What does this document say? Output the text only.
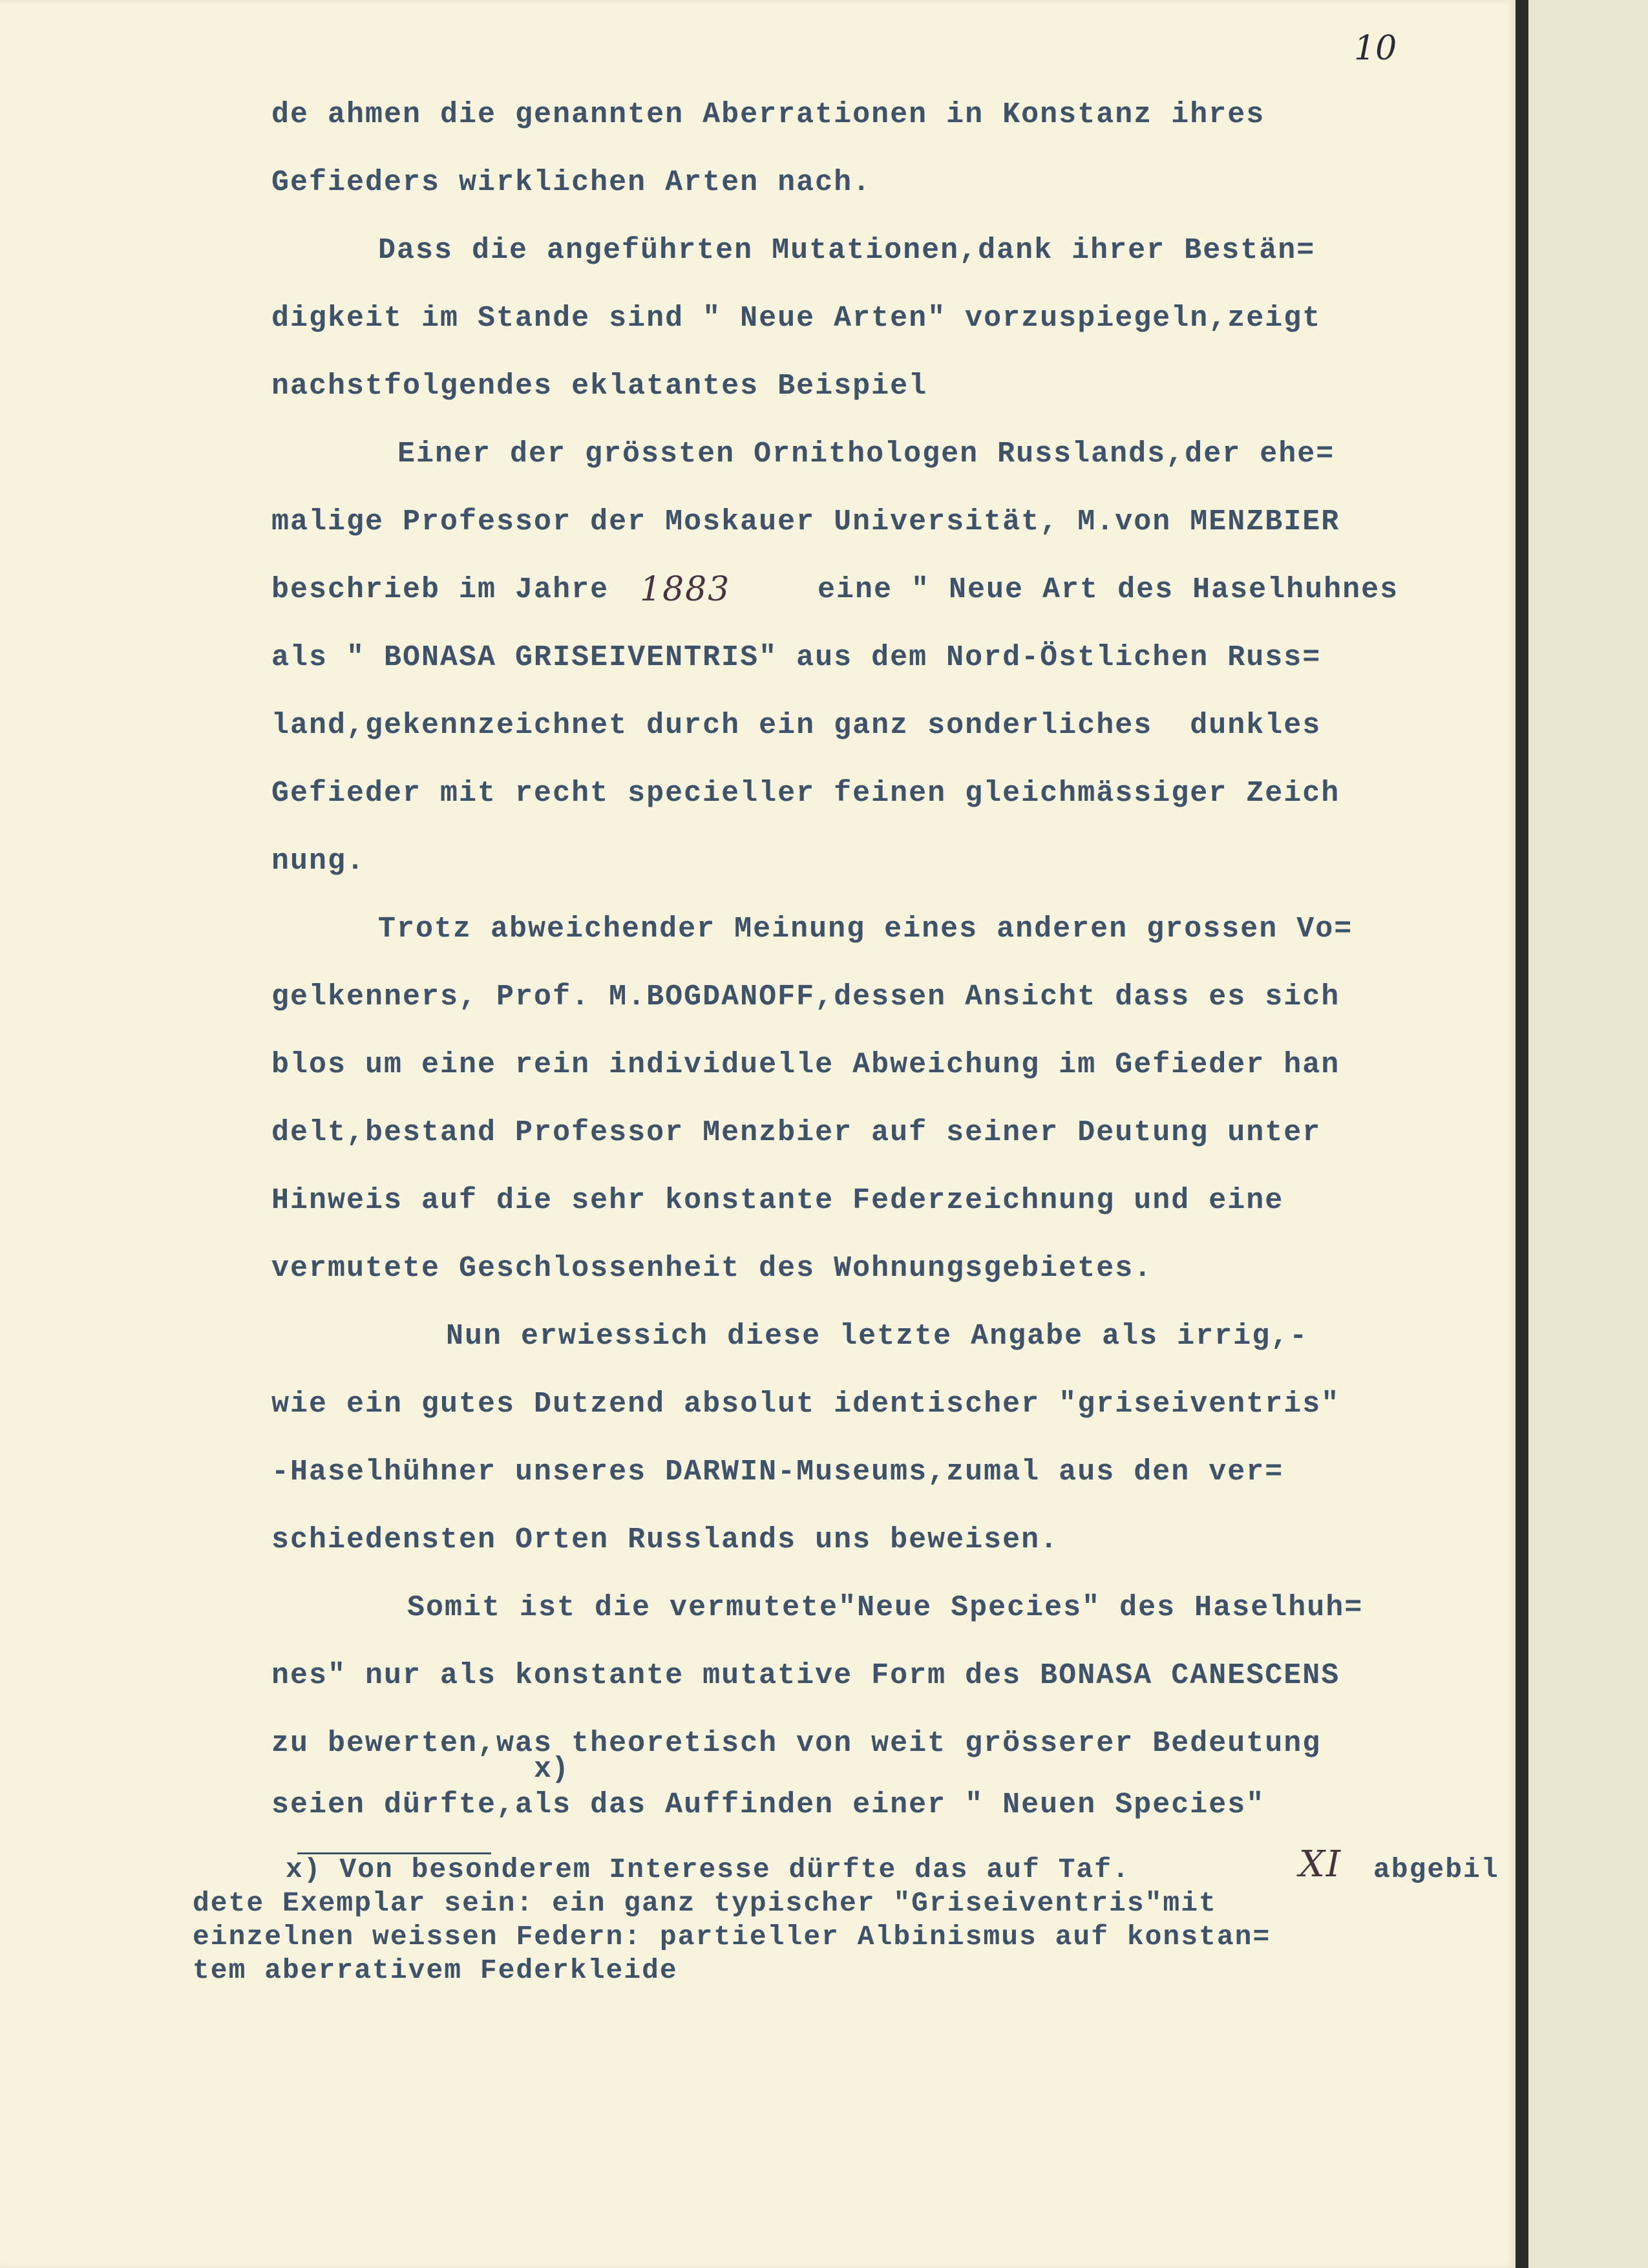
10
de ahmen die genannten Aberrationen in Konstanz ihres
Gefieders wirklichen Arten nach.
Dass die angeführten Mutationen,dank ihrer Bestän=
digkeit im Stande sind " Neue Arten" vorzuspiegeln,zeigt
nachstfolgendes eklatantes Beispiel
Einer der grössten Ornithologen Russlands,der ehe=
malige Professor der Moskauer Universität, M.von MENZBIER
beschrieb im Jahre 1883	eine " Neue Art des Haselhuhnes
als " BONASA GRISEIVENTRIS" aus dem Nord-Östlichen Russ=
land,gekennzeichnet durch ein ganz sonderliches  dunkles
Gefieder mit recht specieller feinen gleichmässiger Zeich
nung.
Trotz abweichender Meinung eines anderen grossen Vo=
gelkenners, Prof. M.BOGDANOFF,dessen Ansicht dass es sich
blos um eine rein individuelle Abweichung im Gefieder han
delt,bestand Professor Menzbier auf seiner Deutung unter
Hinweis auf die sehr konstante Federzeichnung und eine
vermutete Geschlossenheit des Wohnungsgebietes.
Nun erwiessich diese letzte Angabe als irrig,-
wie ein gutes Dutzend absolut identischer "griseiventris"
-Haselhühner unseres DARWIN-Museums,zumal aus den ver=
schiedensten Orten Russlands uns beweisen.
Somit ist die vermutete"Neue Species" des Haselhuh=
nes" nur als konstante mutative Form des BONASA CANESCENS
zu bewerten,was theoretisch von weit grösserer Bedeutung
x)
seien dürfte,als das Auffinden einer " Neuen Species"
x) Von besonderem Interesse dürfte das auf Taf.	XI abgebil
dete Exemplar sein: ein ganz typischer "Griseiventris"mit
einzelnen weissen Federn: partieller Albinismus auf konstan=
tem aberrativem Federkleide
